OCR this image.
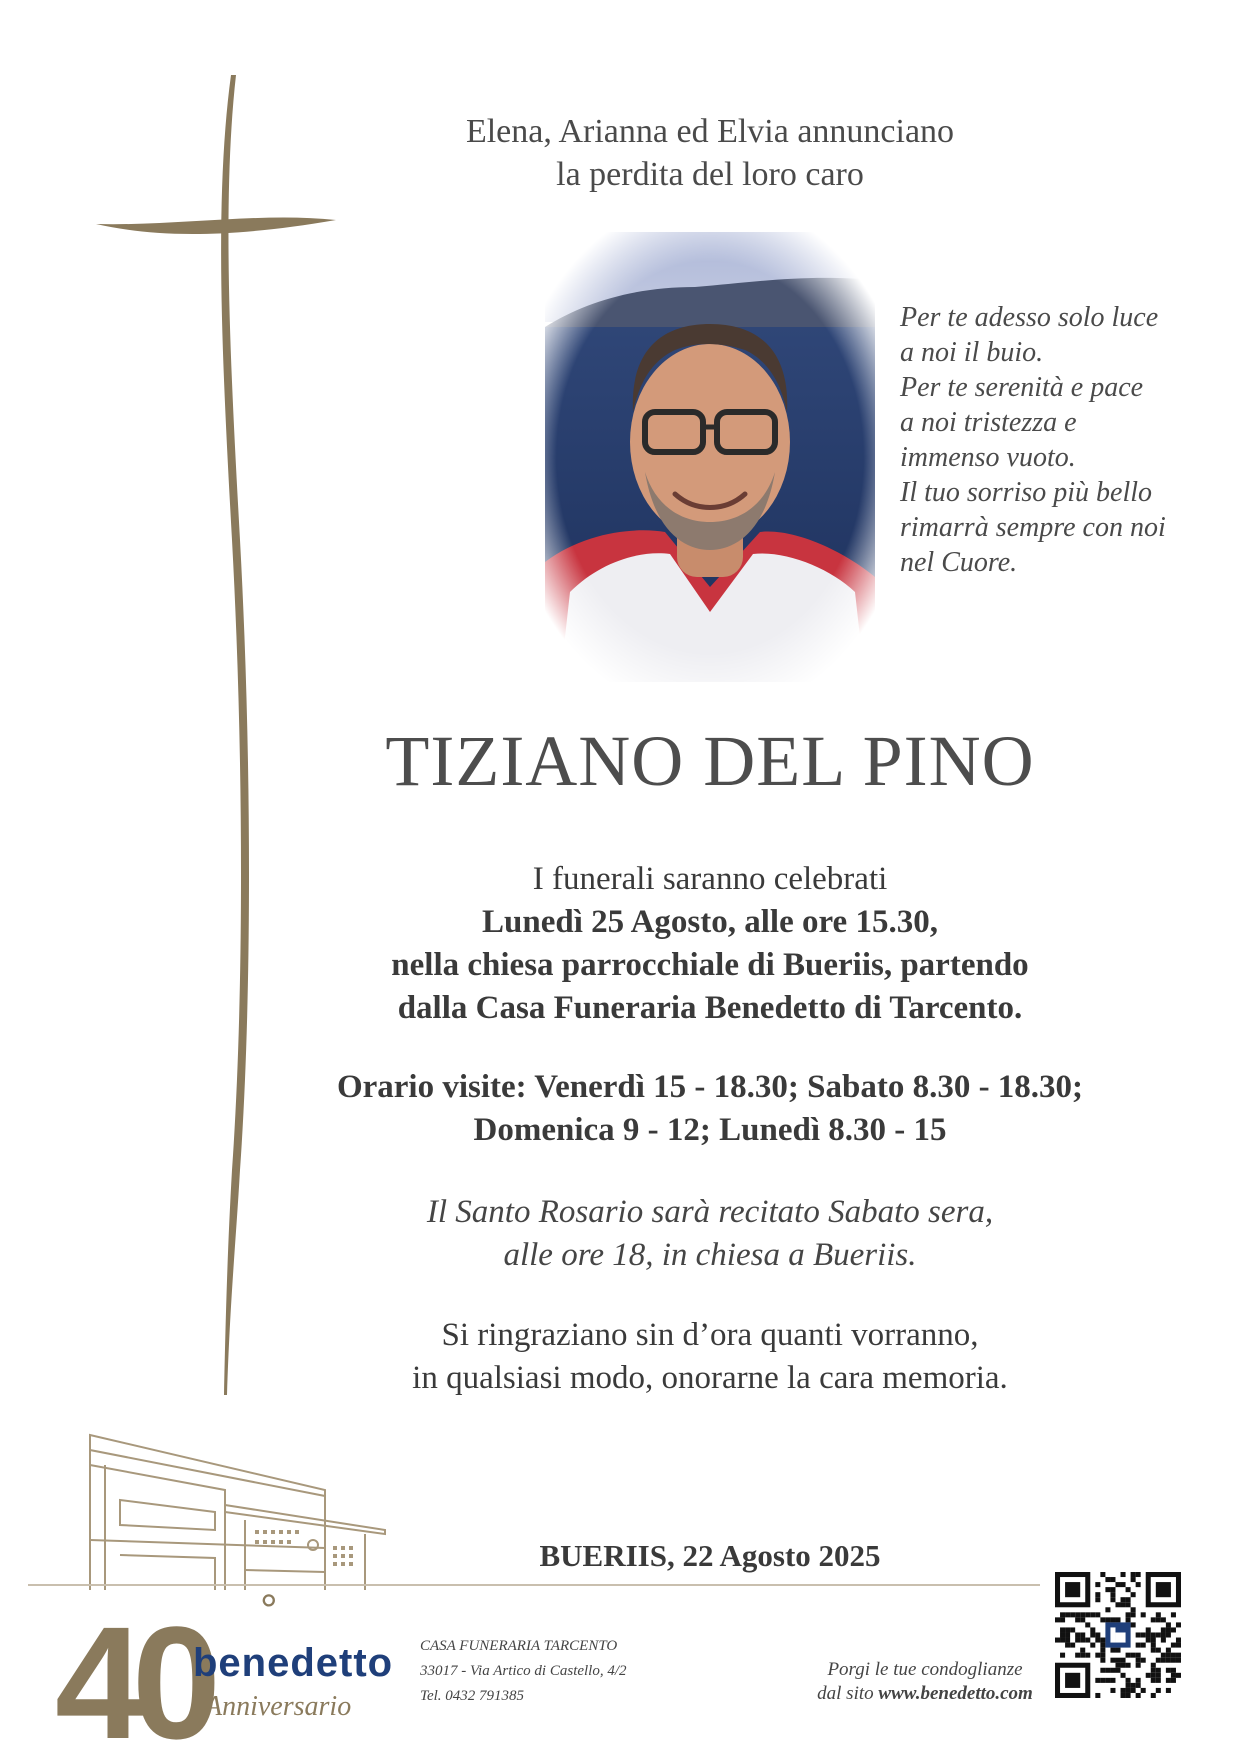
Elena, Arianna ed Elvia annunciano
la perdita del loro caro
Per te adesso solo luce
a noi il buio.
Per te serenità e pace
a noi tristezza e
immenso vuoto.
Il tuo sorriso più bello
rimarrà sempre con noi
nel Cuore.
TIZIANO DEL PINO
I funerali saranno celebrati
Lunedì 25 Agosto, alle ore 15.30,
nella chiesa parrocchiale di Bueriis, partendo
dalla Casa Funeraria Benedetto di Tarcento.
Orario visite: Venerdì 15 - 18.30; Sabato 8.30 - 18.30;
Domenica 9 - 12; Lunedì 8.30 - 15
Il Santo Rosario sarà recitato Sabato sera,
alle ore 18, in chiesa a Bueriis.
Si ringraziano sin d’ora quanti vorranno,
in qualsiasi modo, onorarne la cara memoria.
BUERIIS, 22 Agosto 2025
40 °
benedetto
Anniversario
CASA FUNERARIA TARCENTO
33017 - Via Artico di Castello, 4/2
Tel. 0432 791385
Porgi le tue condoglianze
dal sito www.benedetto.com
